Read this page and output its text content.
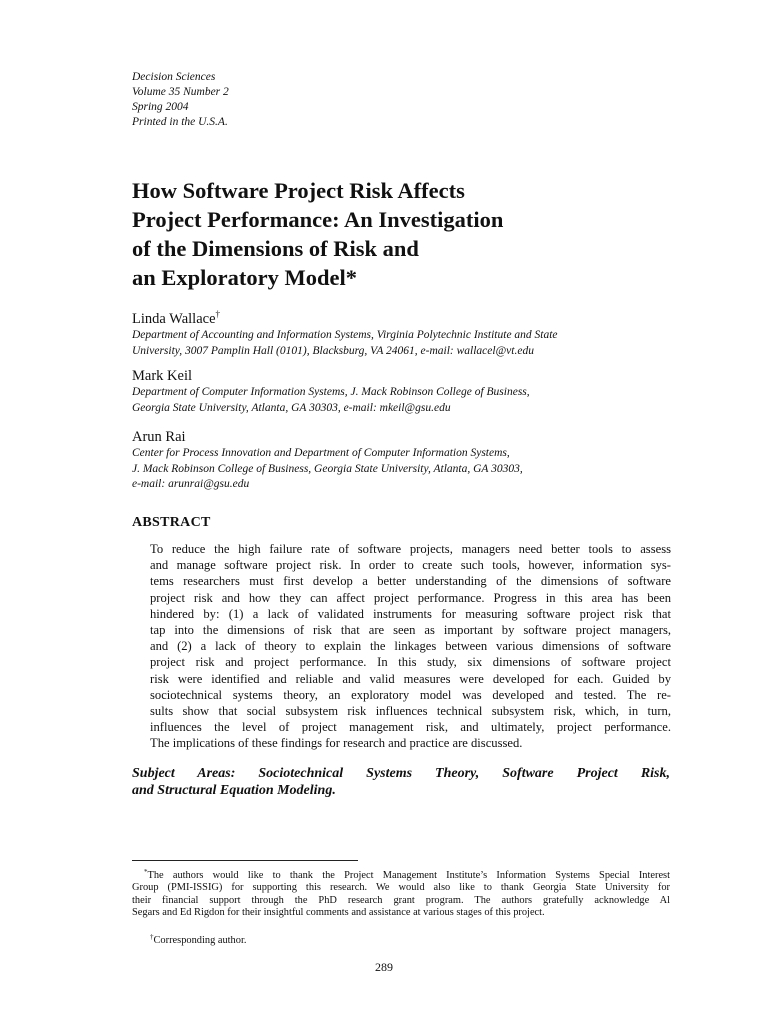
Decision Sciences
Volume 35 Number 2
Spring 2004
Printed in the U.S.A.
How Software Project Risk Affects
Project Performance: An Investigation
of the Dimensions of Risk and
an Exploratory Model*
Linda Wallace†
Department of Accounting and Information Systems, Virginia Polytechnic Institute and State
University, 3007 Pamplin Hall (0101), Blacksburg, VA 24061, e-mail: wallacel@vt.edu
Mark Keil
Department of Computer Information Systems, J. Mack Robinson College of Business,
Georgia State University, Atlanta, GA 30303, e-mail: mkeil@gsu.edu
Arun Rai
Center for Process Innovation and Department of Computer Information Systems,
J. Mack Robinson College of Business, Georgia State University, Atlanta, GA 30303,
e-mail: arunrai@gsu.edu
ABSTRACT
To reduce the high failure rate of software projects, managers need better tools to assess
and manage software project risk. In order to create such tools, however, information sys-
tems researchers must first develop a better understanding of the dimensions of software
project risk and how they can affect project performance. Progress in this area has been
hindered by: (1) a lack of validated instruments for measuring software project risk that
tap into the dimensions of risk that are seen as important by software project managers,
and (2) a lack of theory to explain the linkages between various dimensions of software
project risk and project performance. In this study, six dimensions of software project
risk were identified and reliable and valid measures were developed for each. Guided by
sociotechnical systems theory, an exploratory model was developed and tested. The re-
sults show that social subsystem risk influences technical subsystem risk, which, in turn,
influences the level of project management risk, and ultimately, project performance.
The implications of these findings for research and practice are discussed.
Subject Areas: Sociotechnical Systems Theory, Software Project Risk,
and Structural Equation Modeling.
*The authors would like to thank the Project Management Institute’s Information Systems Special Interest
Group (PMI-ISSIG) for supporting this research. We would also like to thank Georgia State University for
their financial support through the PhD research grant program. The authors gratefully acknowledge Al
Segars and Ed Rigdon for their insightful comments and assistance at various stages of this project.
†Corresponding author.
289
